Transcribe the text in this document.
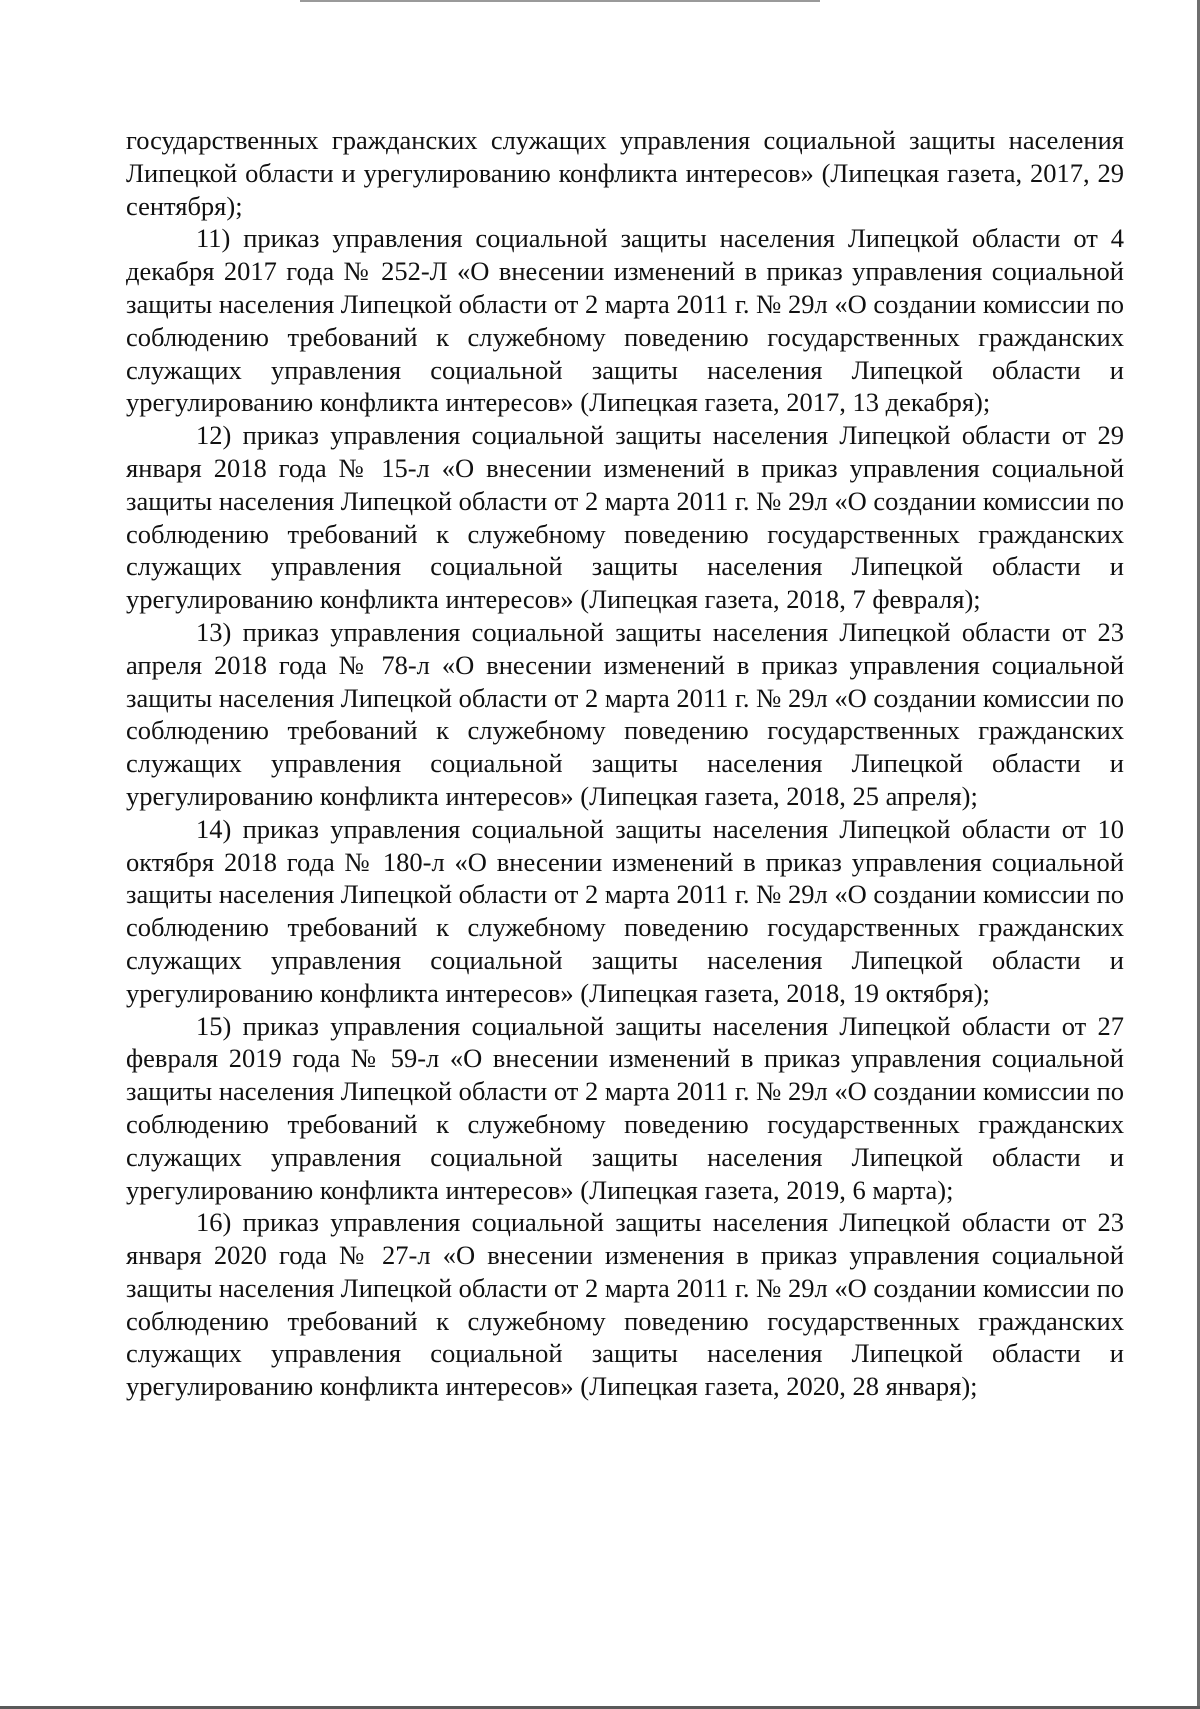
государственных гражданских служащих управления социальной защиты населения Липецкой области и урегулированию конфликта интересов» (Липецкая газета, 2017, 29 сентября);

11) приказ управления социальной защиты населения Липецкой области от 4 декабря 2017 года № 252-Л «О внесении изменений в приказ управления социальной защиты населения Липецкой области от 2 марта 2011 г. № 29л «О создании комиссии по соблюдению требований к служебному поведению государственных гражданских служащих управления социальной защиты населения Липецкой области и урегулированию конфликта интересов» (Липецкая газета, 2017, 13 декабря);

12) приказ управления социальной защиты населения Липецкой области от 29 января 2018 года № 15-л «О внесении изменений в приказ управления социальной защиты населения Липецкой области от 2 марта 2011 г. № 29л «О создании комиссии по соблюдению требований к служебному поведению государственных гражданских служащих управления социальной защиты населения Липецкой области и урегулированию конфликта интересов» (Липецкая газета, 2018, 7 февраля);

13) приказ управления социальной защиты населения Липецкой области от 23 апреля 2018 года № 78-л «О внесении изменений в приказ управления социальной защиты населения Липецкой области от 2 марта 2011 г. № 29л «О создании комиссии по соблюдению требований к служебному поведению государственных гражданских служащих управления социальной защиты населения Липецкой области и урегулированию конфликта интересов» (Липецкая газета, 2018, 25 апреля);

14) приказ управления социальной защиты населения Липецкой области от 10 октября 2018 года № 180-л «О внесении изменений в приказ управления социальной защиты населения Липецкой области от 2 марта 2011 г. № 29л «О создании комиссии по соблюдению требований к служебному поведению государственных гражданских служащих управления социальной защиты населения Липецкой области и урегулированию конфликта интересов» (Липецкая газета, 2018, 19 октября);

15) приказ управления социальной защиты населения Липецкой области от 27 февраля 2019 года № 59-л «О внесении изменений в приказ управления социальной защиты населения Липецкой области от 2 марта 2011 г. № 29л «О создании комиссии по соблюдению требований к служебному поведению государственных гражданских служащих управления социальной защиты населения Липецкой области и урегулированию конфликта интересов» (Липецкая газета, 2019, 6 марта);

16) приказ управления социальной защиты населения Липецкой области от 23 января 2020 года № 27-л «О внесении изменения в приказ управления социальной защиты населения Липецкой области от 2 марта 2011 г. № 29л «О создании комиссии по соблюдению требований к служебному поведению государственных гражданских служащих управления социальной защиты населения Липецкой области и урегулированию конфликта интересов» (Липецкая газета, 2020, 28 января);
